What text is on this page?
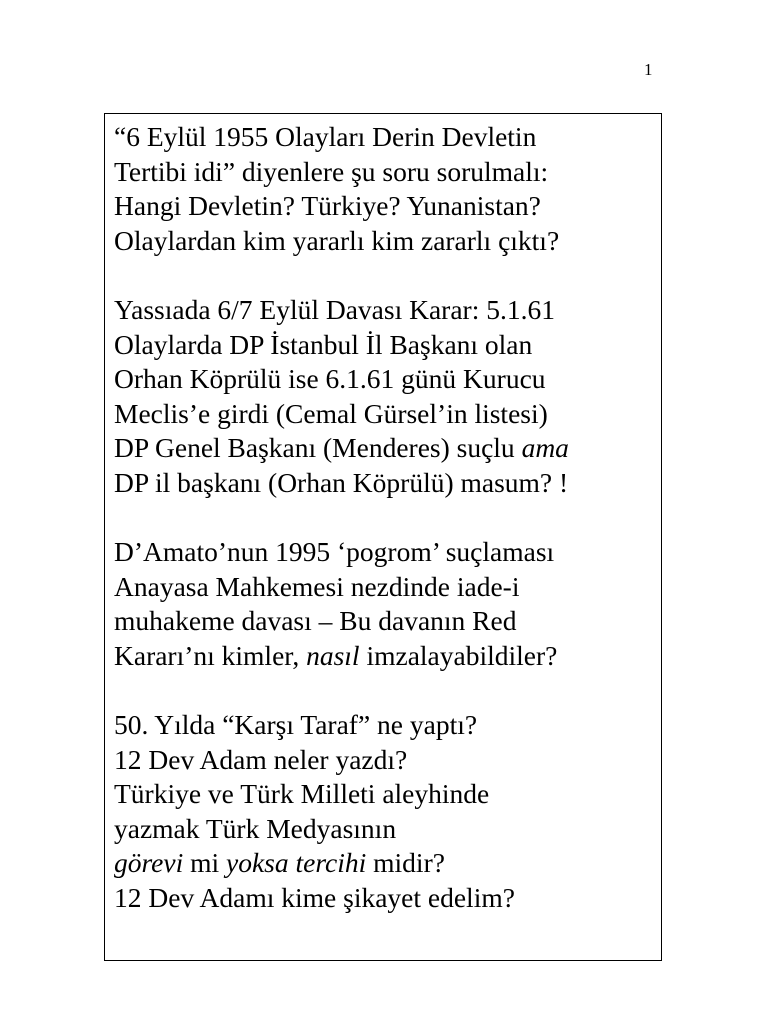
1
“6 Eylül 1955 Olayları Derin Devletin
Tertibi idi” diyenlere şu soru sorulmalı:
Hangi Devletin? Türkiye? Yunanistan?
Olaylardan kim yararlı kim zararlı çıktı?
Yassıada 6/7 Eylül Davası Karar: 5.1.61
Olaylarda DP İstanbul İl Başkanı olan
Orhan Köprülü ise 6.1.61 günü Kurucu
Meclis’e girdi (Cemal Gürsel’in listesi)
DP Genel Başkanı (Menderes) suçlu ama
DP il başkanı (Orhan Köprülü) masum? !
D’Amato’nun 1995 ‘pogrom’ suçlaması
Anayasa Mahkemesi nezdinde iade-i
muhakeme davası – Bu davanın Red
Kararı’nı kimler, nasıl imzalayabildiler?
50. Yılda “Karşı Taraf” ne yaptı?
12 Dev Adam neler yazdı?
Türkiye ve Türk Milleti aleyhinde
yazmak Türk Medyasının
görevi mi yoksa tercihi midir?
12 Dev Adamı kime şikayet edelim?
